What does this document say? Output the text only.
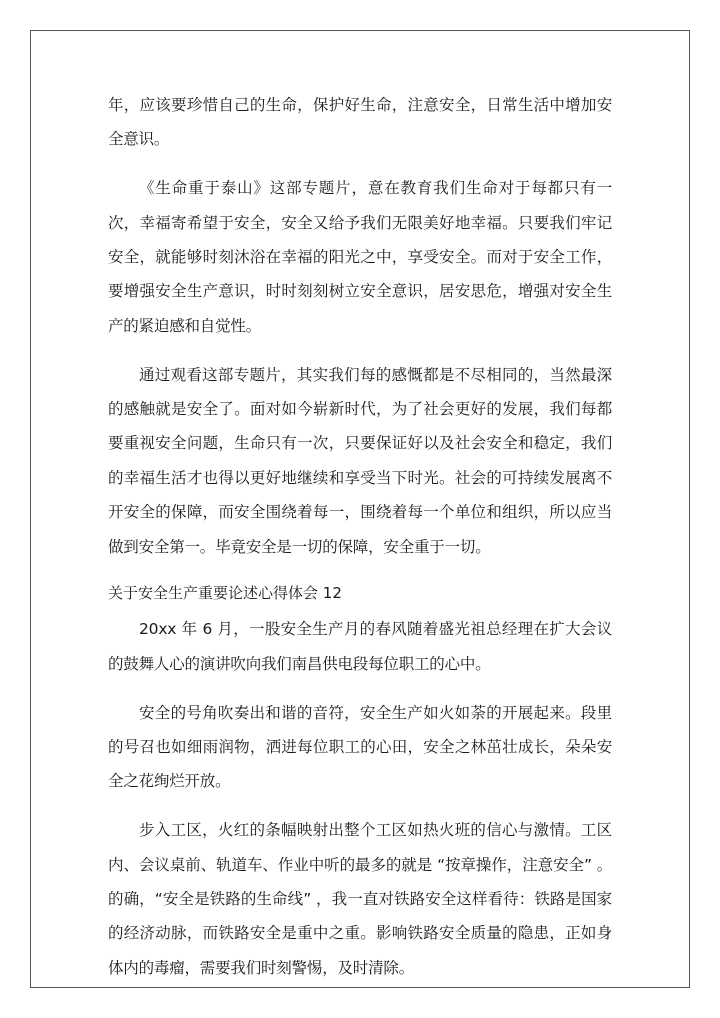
年，应该要珍惜自己的生命，保护好生命，注意安全，日常生活中增加安全意识。

《生命重于泰山》这部专题片，意在教育我们生命对于每都只有一次，幸福寄希望于安全，安全又给予我们无限美好地幸福。只要我们牢记安全，就能够时刻沐浴在幸福的阳光之中，享受安全。而对于安全工作，要增强安全生产意识，时时刻刻树立安全意识，居安思危，增强对安全生产的紧迫感和自觉性。

通过观看这部专题片，其实我们每的感慨都是不尽相同的，当然最深的感触就是安全了。面对如今崭新时代，为了社会更好的发展，我们每都要重视安全问题，生命只有一次，只要保证好以及社会安全和稳定，我们的幸福生活才也得以更好地继续和享受当下时光。社会的可持续发展离不开安全的保障，而安全围绕着每一，围绕着每一个单位和组织，所以应当做到安全第一。毕竟安全是一切的保障，安全重于一切。

关于安全生产重要论述心得体会 12

20xx 年 6 月，一股安全生产月的春风随着盛光祖总经理在扩大会议的鼓舞人心的演讲吹向我们南昌供电段每位职工的心中。

安全的号角吹奏出和谐的音符，安全生产如火如荼的开展起来。段里的号召也如细雨润物，洒进每位职工的心田，安全之林茁壮成长，朵朵安全之花绚烂开放。

步入工区，火红的条幅映射出整个工区如热火班的信心与激情。工区内、会议桌前、轨道车、作业中听的最多的就是 “按章操作，注意安全” 。的确，“安全是铁路的生命线” ，我一直对铁路安全这样看待：铁路是国家的经济动脉，而铁路安全是重中之重。影响铁路安全质量的隐患，正如身体内的毒瘤，需要我们时刻警惕，及时清除。
